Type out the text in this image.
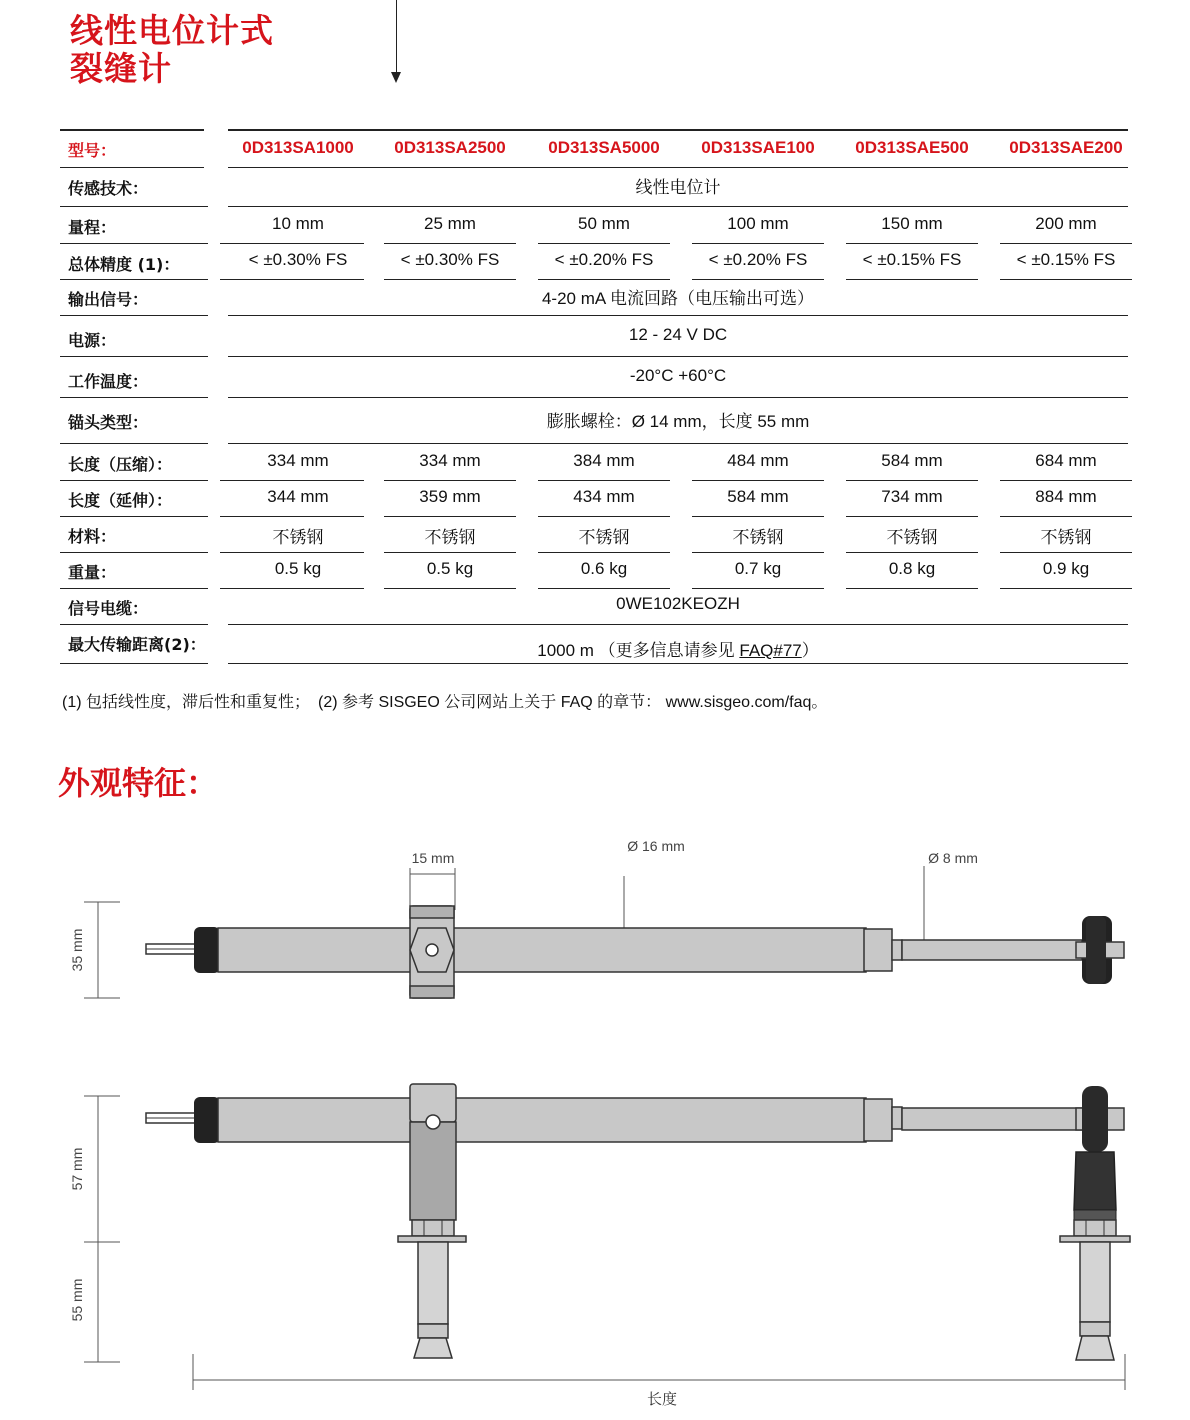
线性电位计式
裂缝计
型号：	0D313SA1000	0D313SA2500	0D313SA5000	0D313SAE100	0D313SAE500	0D313SAE200
传感技术：	线性电位计
量程：	10 mm	25 mm	50 mm	100 mm	150 mm	200 mm
总体精度 (1)：	< ±0.30% FS	< ±0.30% FS	< ±0.20% FS	< ±0.20% FS	< ±0.15% FS	< ±0.15% FS
输出信号：	4-20 mA 电流回路（电压输出可选）
电源：	12 - 24 V DC
工作温度：	-20°C +60°C
锚头类型：	膨胀螺栓：Ø 14 mm，长度 55 mm
长度（压缩）：	334 mm	334 mm	384 mm	484 mm	584 mm	684 mm
长度（延伸）：	344 mm	359 mm	434 mm	584 mm	734 mm	884 mm
材料：	不锈钢	不锈钢	不锈钢	不锈钢	不锈钢	不锈钢
重量：	0.5 kg	0.5 kg	0.6 kg	0.7 kg	0.8 kg	0.9 kg
信号电缆：	0WE102KEOZH
最大传输距离(2)：	1000 m （更多信息请参见 FAQ#77）
(1) 包括线性度，滞后性和重复性；　(2) 参考 SISGEO 公司网站上关于 FAQ 的章节： www.sisgeo.com/faq。
外观特征：
35 mm
15 mm
Ø 16 mm
Ø 8 mm
57 mm
55 mm
长度
